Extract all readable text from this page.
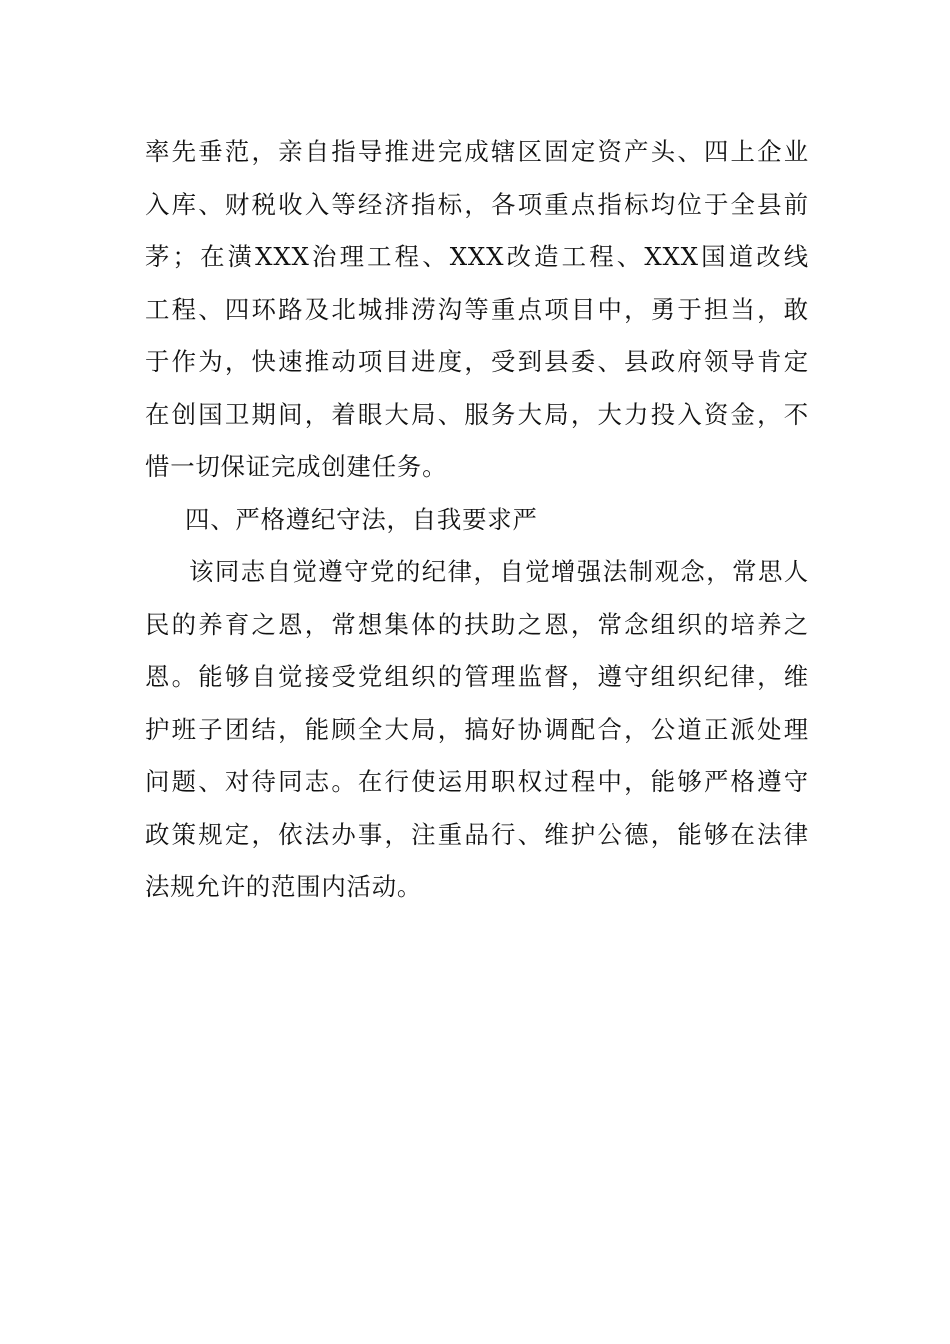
率先垂范，亲自指导推进完成辖区固定资产头、四上企业
入库、财税收入等经济指标，各项重点指标均位于全县前
茅；在潢XXX治理工程、XXX改造工程、XXX国道改线
工程、四环路及北城排涝沟等重点项目中，勇于担当，敢
于作为，快速推动项目进度，受到县委、县政府领导肯定
在创国卫期间，着眼大局、服务大局，大力投入资金，不
惜一切保证完成创建任务。
四、严格遵纪守法，自我要求严
该同志自觉遵守党的纪律，自觉增强法制观念，常思人
民的养育之恩，常想集体的扶助之恩，常念组织的培养之
恩。能够自觉接受党组织的管理监督，遵守组织纪律，维
护班子团结，能顾全大局，搞好协调配合，公道正派处理
问题、对待同志。在行使运用职权过程中，能够严格遵守
政策规定，依法办事，注重品行、维护公德，能够在法律
法规允许的范围内活动。
